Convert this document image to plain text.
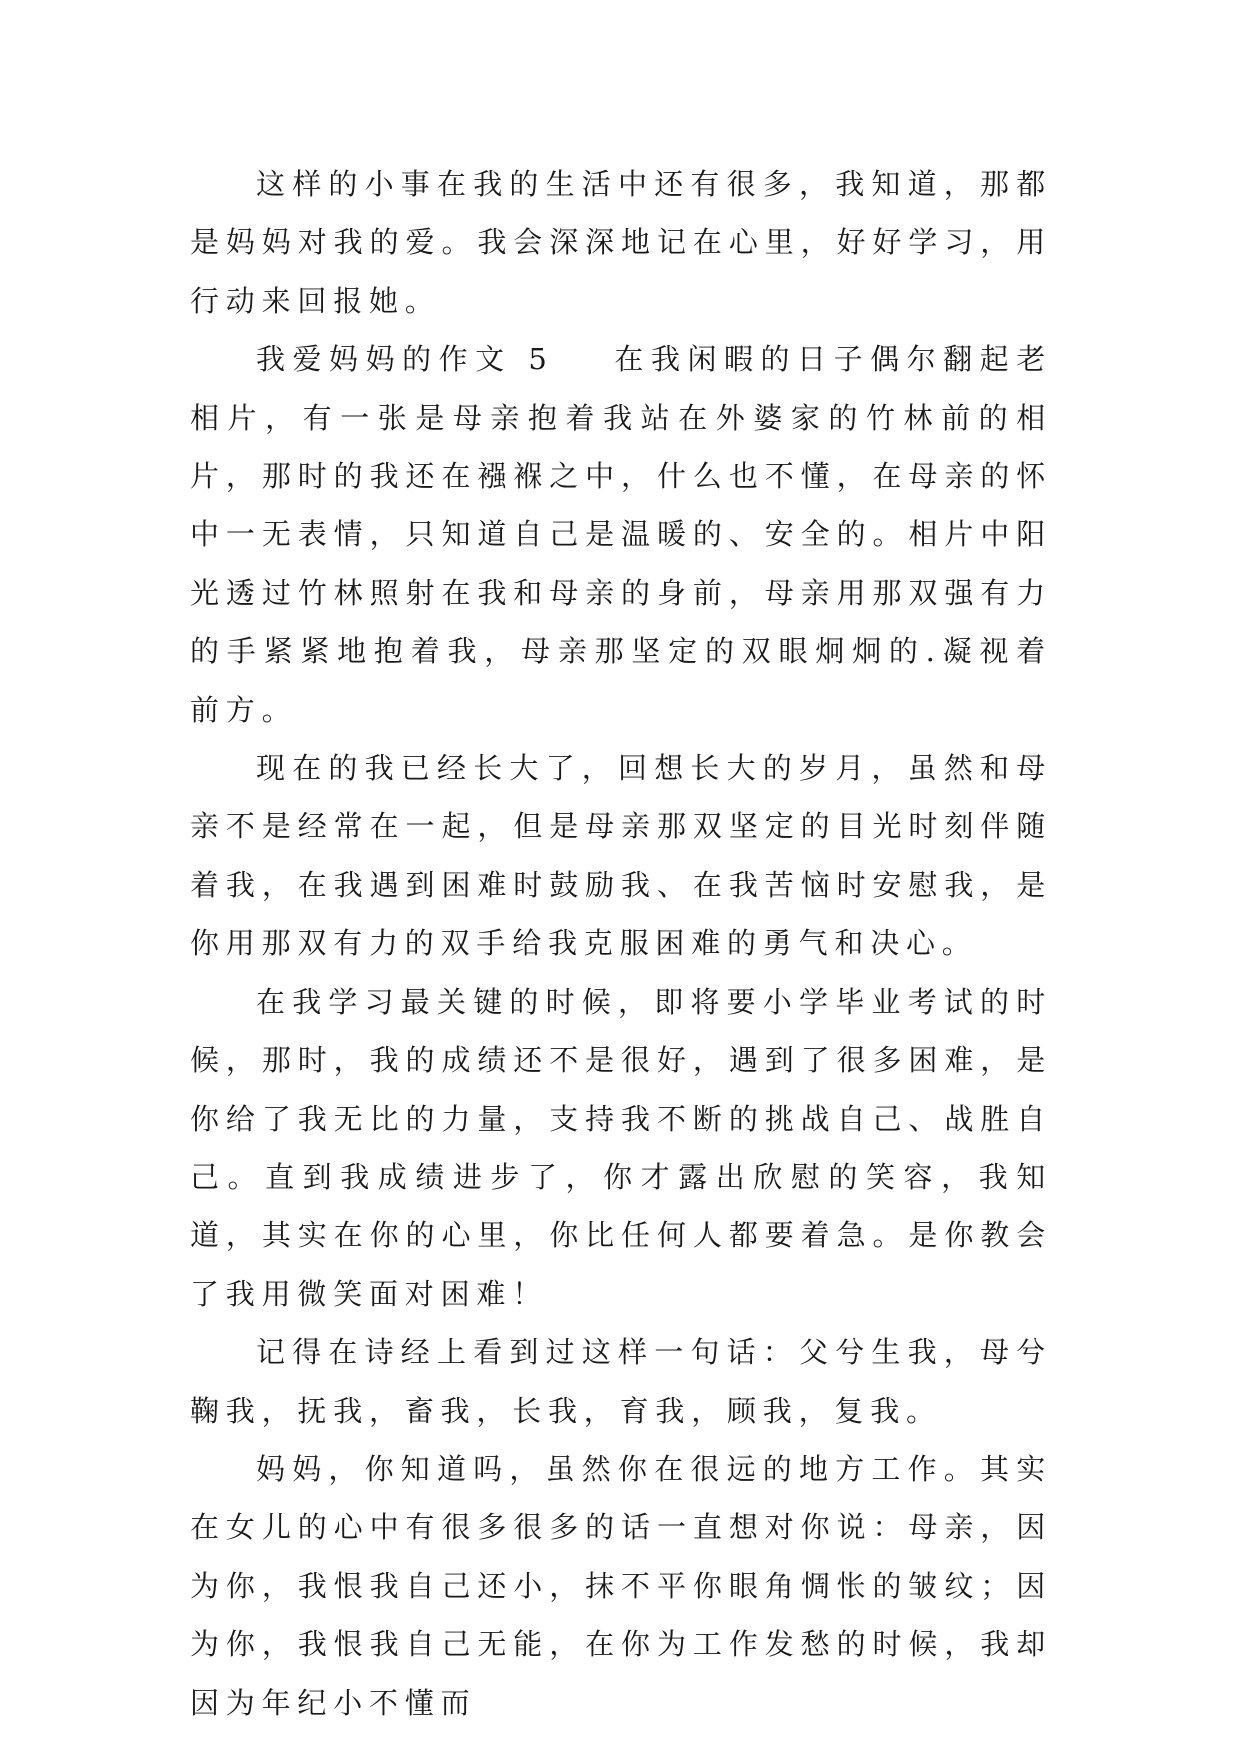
这样的小事在我的生活中还有很多，我知道，那都是妈妈对我的爱。我会深深地记在心里，好好学习，用行动来回报她。

我爱妈妈的作文 5 在我闲暇的日子偶尔翻起老相片，有一张是母亲抱着我站在外婆家的竹林前的相片，那时的我还在襁褓之中，什么也不懂，在母亲的怀中一无表情，只知道自己是温暖的、安全的。相片中阳光透过竹林照射在我和母亲的身前，母亲用那双强有力的手紧紧地抱着我，母亲那坚定的双眼炯炯的.凝视着前方。

现在的我已经长大了，回想长大的岁月，虽然和母亲不是经常在一起，但是母亲那双坚定的目光时刻伴随着我，在我遇到困难时鼓励我、在我苦恼时安慰我，是你用那双有力的双手给我克服困难的勇气和决心。

在我学习最关键的时候，即将要小学毕业考试的时候，那时，我的成绩还不是很好，遇到了很多困难，是你给了我无比的力量，支持我不断的挑战自己、战胜自己。直到我成绩进步了，你才露出欣慰的笑容，我知道，其实在你的心里，你比任何人都要着急。是你教会了我用微笑面对困难！

记得在诗经上看到过这样一句话：父兮生我，母兮鞠我，抚我，畜我，长我，育我，顾我，复我。

妈妈，你知道吗，虽然你在很远的地方工作。其实在女儿的心中有很多很多的话一直想对你说：母亲，因为你，我恨我自己还小，抹不平你眼角惆怅的皱纹；因为你，我恨我自己无能，在你为工作发愁的时候，我却因为年纪小不懂而
